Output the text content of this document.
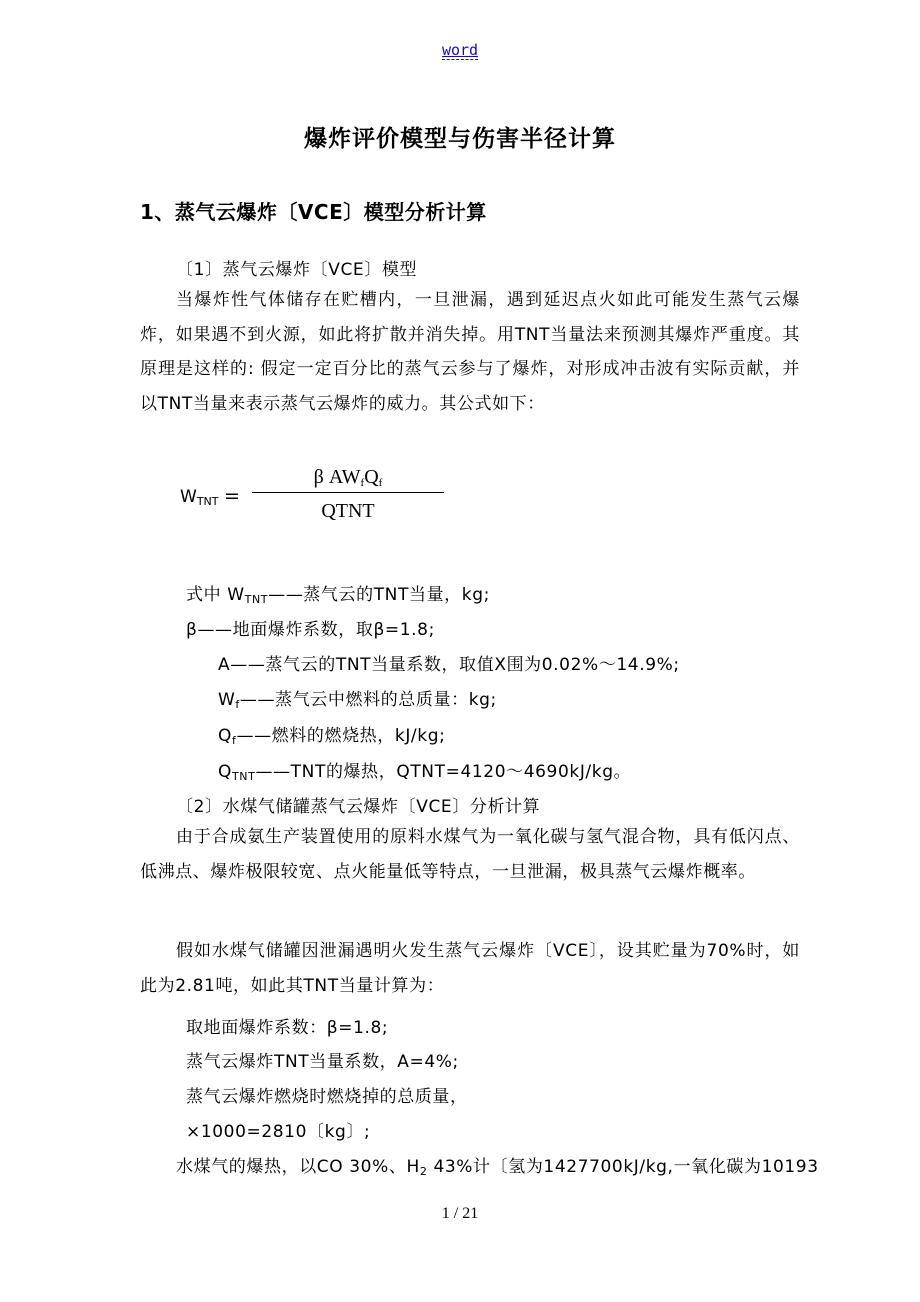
word
爆炸评价模型与伤害半径计算
1、蒸气云爆炸〔VCE〕模型分析计算
〔1〕蒸气云爆炸〔VCE〕模型
当爆炸性气体储存在贮槽内，一旦泄漏，遇到延迟点火如此可能发生蒸气云爆炸，如果遇不到火源，如此将扩散并消失掉。用TNT当量法来预测其爆炸严重度。其原理是这样的: 假定一定百分比的蒸气云参与了爆炸，对形成冲击波有实际贡献，并以TNT当量来表示蒸气云爆炸的威力。其公式如下：
$W_{TNT}$ =
β $AW_fQ_f$
QTNT
式中 $W_{TNT}——$蒸气云的TNT当量，kg;
β——地面爆炸系数，取β=1.8;
A——蒸气云的TNT当量系数，取值X围为0.02%～14.9%;
$W_f——$蒸气云中燃料的总质量：kg;
$Q_f——$燃料的燃烧热，kJ/kg;
$Q_{TNT}——TNT$的爆热，QTNT=4120～4690kJ/kg。
〔2〕水煤气储罐蒸气云爆炸〔VCE〕分析计算
由于合成氨生产装置使用的原料水煤气为一氧化碳与氢气混合物，具有低闪点、低沸点、爆炸极限较宽、点火能量低等特点，一旦泄漏，极具蒸气云爆炸概率。
假如水煤气储罐因泄漏遇明火发生蒸气云爆炸〔VCE〕，设其贮量为70%时，如此为2.81吨，如此其TNT当量计算为：
取地面爆炸系数：β=1.8;
蒸气云爆炸TNT当量系数，A=4%;
蒸气云爆炸燃烧时燃烧掉的总质量，
×1000=2810〔kg〕;
水煤气的爆热，以CO 30%、$H_2$ 43%计〔氢为1427700kJ/kg,一氧化碳为10193
1 / 21
